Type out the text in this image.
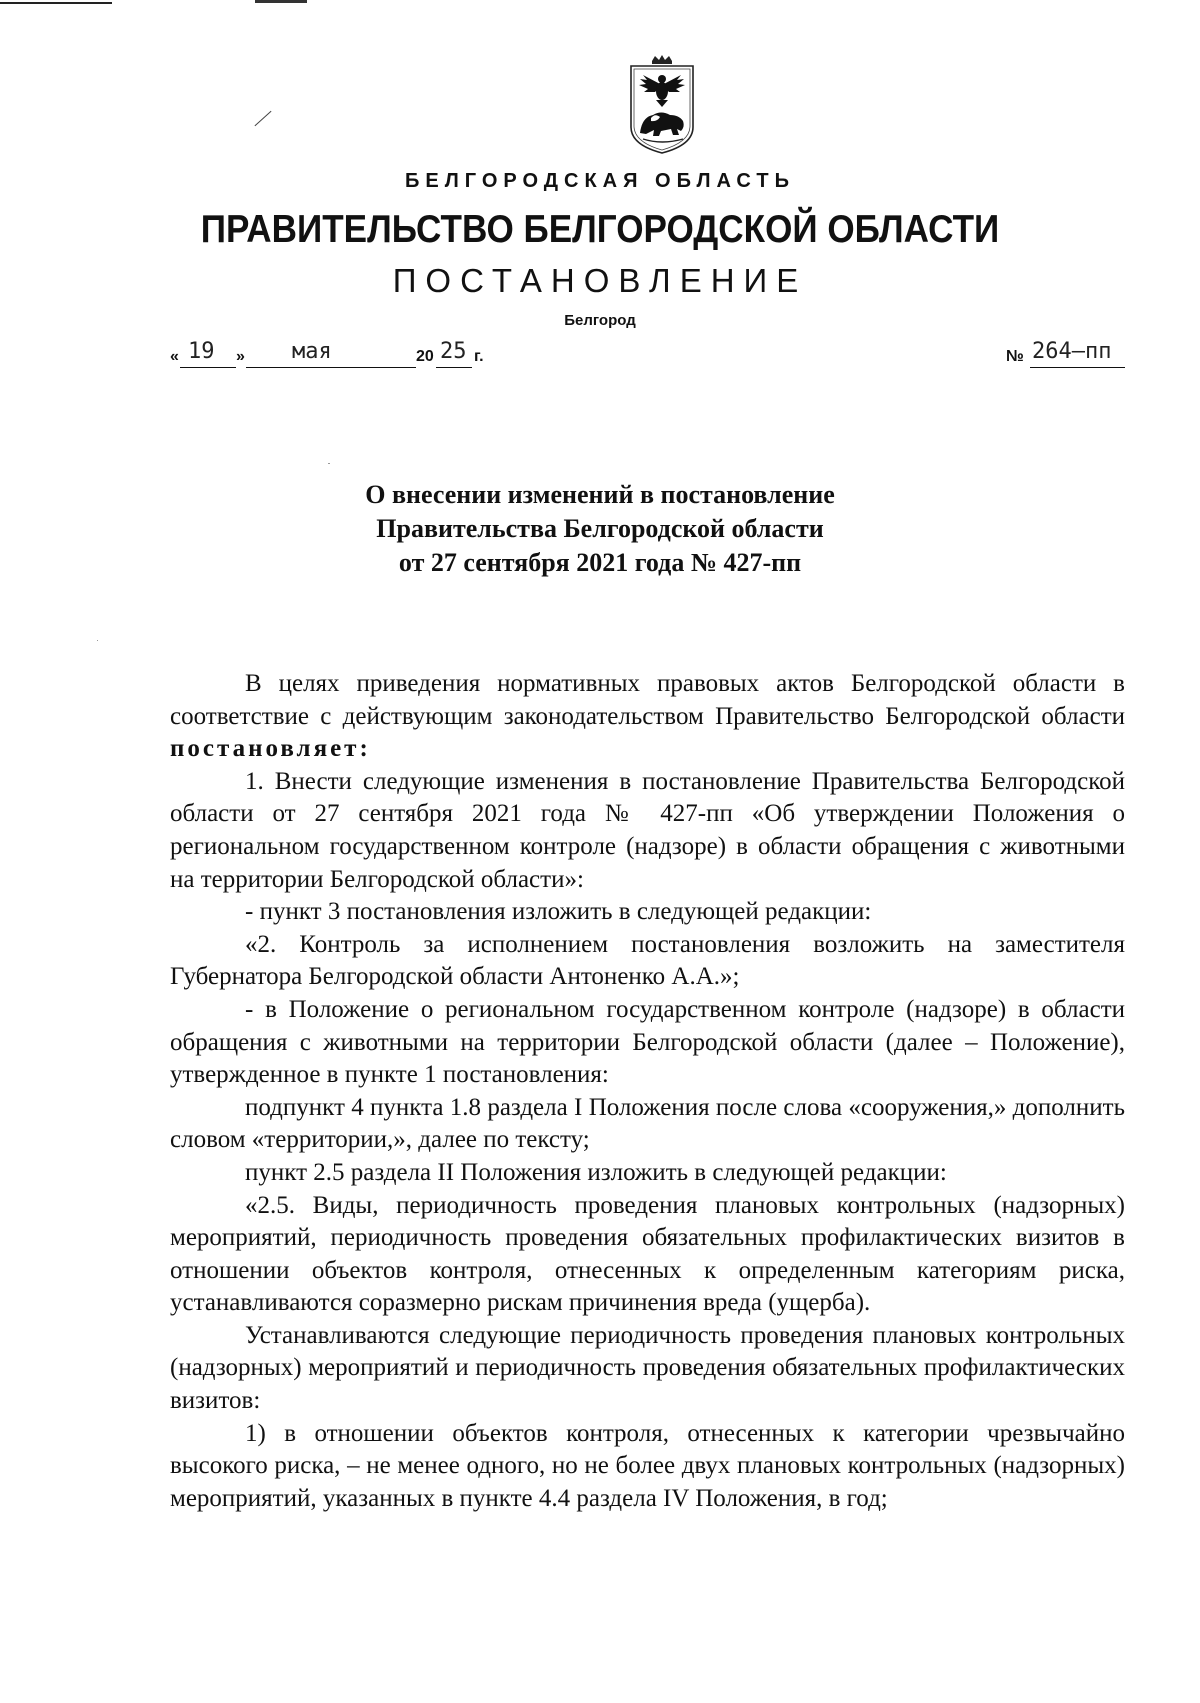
БЕЛГОРОДСКАЯ ОБЛАСТЬ
ПРАВИТЕЛЬСТВО БЕЛГОРОДСКОЙ ОБЛАСТИ
ПОСТАНОВЛЕНИЕ
Белгород
« 19 » мая	20 25 г.	№ 264–пп
О внесении изменений в постановление
Правительства Белгородской области
от 27 сентября 2021 года № 427-пп

В целях приведения нормативных правовых актов Белгородской области в соответствие с действующим законодательством Правительство Белгородской области постановляет:

1. Внести следующие изменения в постановление Правительства Белгородской области от 27 сентября 2021 года № 427-пп «Об утверждении Положения о региональном государственном контроле (надзоре) в области обращения с животными на территории Белгородской области»:

- пункт 3 постановления изложить в следующей редакции:

«2. Контроль за исполнением постановления возложить на заместителя Губернатора Белгородской области Антоненко А.А.»;

- в Положение о региональном государственном контроле (надзоре) в области обращения с животными на территории Белгородской области (далее – Положение), утвержденное в пункте 1 постановления:

подпункт 4 пункта 1.8 раздела I Положения после слова «сооружения,» дополнить словом «территории,», далее по тексту;

пункт 2.5 раздела II Положения изложить в следующей редакции:

«2.5. Виды, периодичность проведения плановых контрольных (надзорных) мероприятий, периодичность проведения обязательных профилактических визитов в отношении объектов контроля, отнесенных к определенным категориям риска, устанавливаются соразмерно рискам причинения вреда (ущерба).

Устанавливаются следующие периодичность проведения плановых контрольных (надзорных) мероприятий и периодичность проведения обязательных профилактических визитов:

1) в отношении объектов контроля, отнесенных к категории чрезвычайно высокого риска, – не менее одного, но не более двух плановых контрольных (надзорных) мероприятий, указанных в пункте 4.4 раздела IV Положения, в год;
